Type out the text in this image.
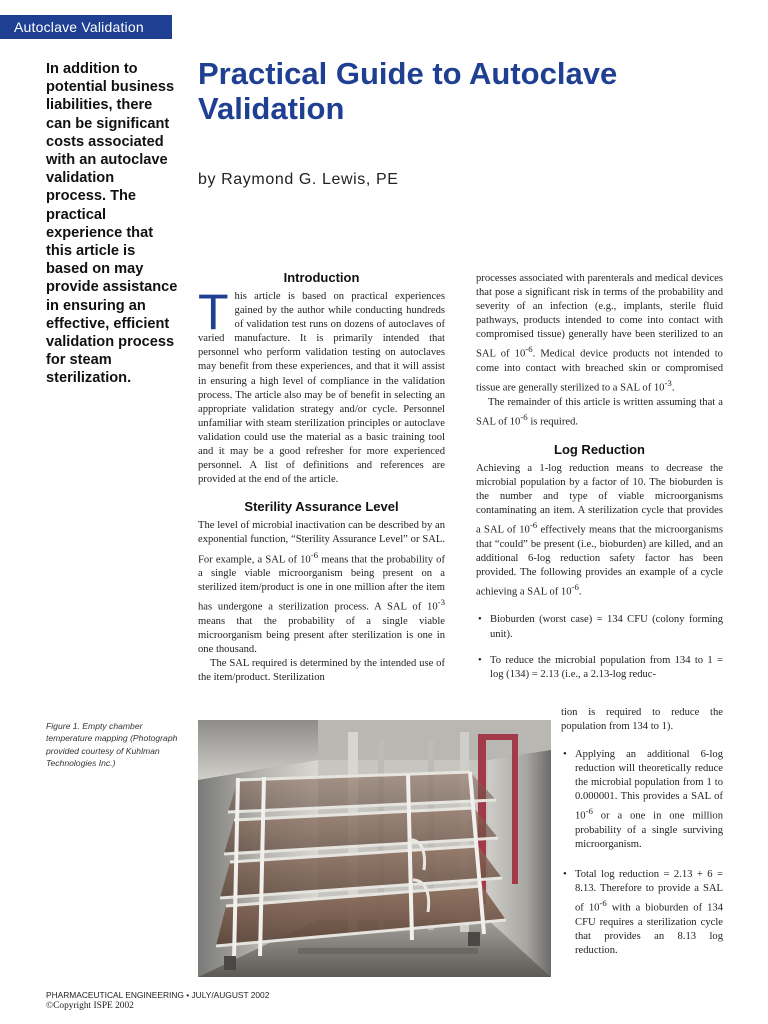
Autoclave Validation

In addition to potential business liabilities, there can be significant costs associated with an autoclave validation process. The practical experience that this article is based on may provide assistance in ensuring an effective, efficient validation process for steam sterilization.

Practical Guide to Autoclave Validation

by Raymond G. Lewis, PE

Introduction

This article is based on practical experiences gained by the author while conducting hundreds of validation test runs on dozens of autoclaves of varied manufacture. It is primarily intended that personnel who perform validation testing on autoclaves may benefit from these experiences, and that it will assist in ensuring a high level of compliance in the validation process. The article also may be of benefit in selecting an appropriate validation strategy and/or cycle. Personnel unfamiliar with steam sterilization principles or autoclave validation could use the material as a basic training tool and it may be a good refresher for more experienced personnel. A list of definitions and references are provided at the end of the article.

Sterility Assurance Level

The level of microbial inactivation can be described by an exponential function, “Sterility Assurance Level” or SAL. For example, a SAL of $10^{-6}$ means that the probability of a single viable microorganism being present on a sterilized item/product is one in one million after the item has undergone a sterilization process. A SAL of $10^{-3}$ means that the probability of a single viable microorganism being present after sterilization is one in one thousand.

The SAL required is determined by the intended use of the item/product. Sterilization

processes associated with parenterals and medical devices that pose a significant risk in terms of the probability and severity of an infection (e.g., implants, sterile fluid pathways, products intended to come into contact with compromised tissue) generally have been sterilized to an SAL of $10^{-6}$. Medical device products not intended to come into contact with breached skin or compromised tissue are generally sterilized to a SAL of $10^{-3}$.

The remainder of this article is written assuming that a SAL of $10^{-6}$ is required.

Log Reduction

Achieving a 1-log reduction means to decrease the microbial population by a factor of 10. The bioburden is the number and type of viable microorganisms contaminating an item. A sterilization cycle that provides a SAL of $10^{-6}$ effectively means that the microorganisms that “could” be present (i.e., bioburden) are killed, and an additional 6-log reduction safety factor has been provided. The following provides an example of a cycle achieving a SAL of $10^{-6}$.

• Bioburden (worst case) = 134 CFU (colony forming unit).
• To reduce the microbial population from 134 to 1 = log (134) = 2.13 (i.e., a 2.13-log reduc-

tion is required to reduce the population from 134 to 1).

• Applying an additional 6-log reduction will theoretically reduce the microbial population from 1 to 0.000001. This provides a SAL of $10^{-6}$ or a one in one million probability of a single surviving microorganism.
• Total log reduction = 2.13 + 6 = 8.13. Therefore to provide a SAL of $10^{-6}$ with a bioburden of 134 CFU requires a sterilization cycle that provides an 8.13 log reduction.

Figure 1. Empty chamber temperature mapping (Photograph provided courtesy of Kuhlman Technologies Inc.)

PHARMACEUTICAL ENGINEERING • JULY/AUGUST 2002
©Copyright ISPE 2002
